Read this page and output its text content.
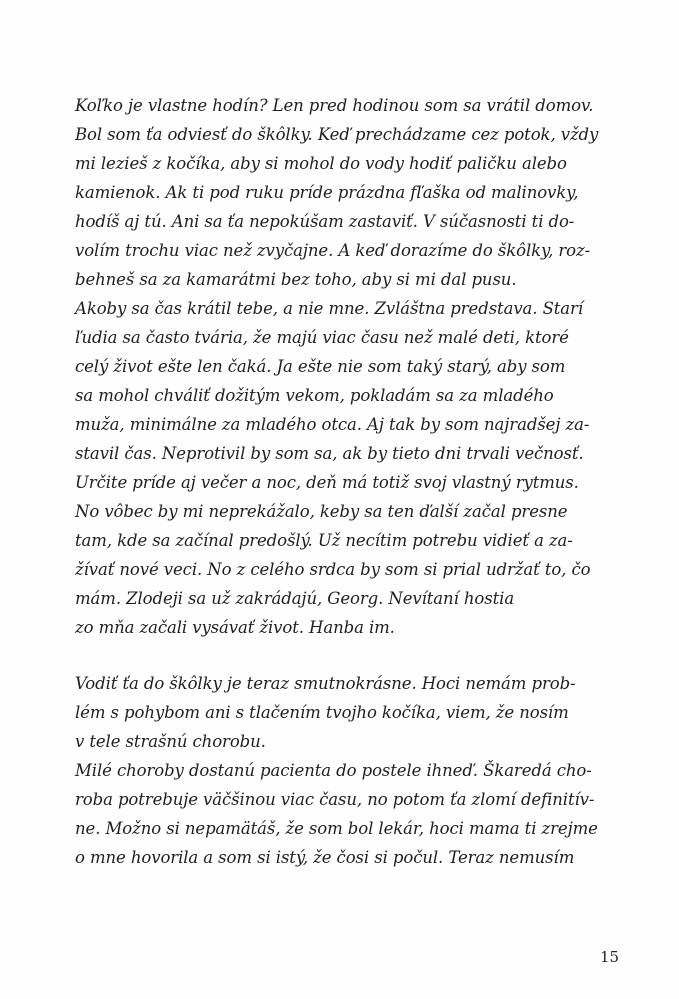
Koľko je vlastne hodín? Len pred hodinou som sa vrátil domov.
Bol som ťa odviesť do škôlky. Keď prechádzame cez potok, vždy
mi lezieš z kočíka, aby si mohol do vody hodiť paličku alebo
kamienok. Ak ti pod ruku príde prázdna fľaška od malinovky,
hodíš aj tú. Ani sa ťa nepokúšam zastaviť. V súčasnosti ti do-
volím trochu viac než zvyčajne. A keď dorazíme do škôlky, roz-
behneš sa za kamarátmi bez toho, aby si mi dal pusu.
Akoby sa čas krátil tebe, a nie mne. Zvláštna predstava. Starí
ľudia sa často tvária, že majú viac času než malé deti, ktoré
celý život ešte len čaká. Ja ešte nie som taký starý, aby som
sa mohol chváliť dožitým vekom, pokladám sa za mladého
muža, minimálne za mladého otca. Aj tak by som najradšej za-
stavil čas. Neprotivil by som sa, ak by tieto dni trvali večnosť.
Určite príde aj večer a noc, deň má totiž svoj vlastný rytmus.
No vôbec by mi neprekážalo, keby sa ten ďalší začal presne
tam, kde sa začínal predošlý. Už necítim potrebu vidieť a za-
žívať nové veci. No z celého srdca by som si prial udržať to, čo
mám. Zlodeji sa už zakrádajú, Georg. Nevítaní hostia
zo mňa začali vysávať život. Hanba im.
Vodiť ťa do škôlky je teraz smutnokrásne. Hoci nemám prob-
lém s pohybom ani s tlačením tvojho kočíka, viem, že nosím
v tele strašnú chorobu.
Milé choroby dostanú pacienta do postele ihneď. Škaredá cho-
roba potrebuje väčšinou viac času, no potom ťa zlomí definitív-
ne. Možno si nepamätáš, že som bol lekár, hoci mama ti zrejme
o mne hovorila a som si istý, že čosi si počul. Teraz nemusím
15
